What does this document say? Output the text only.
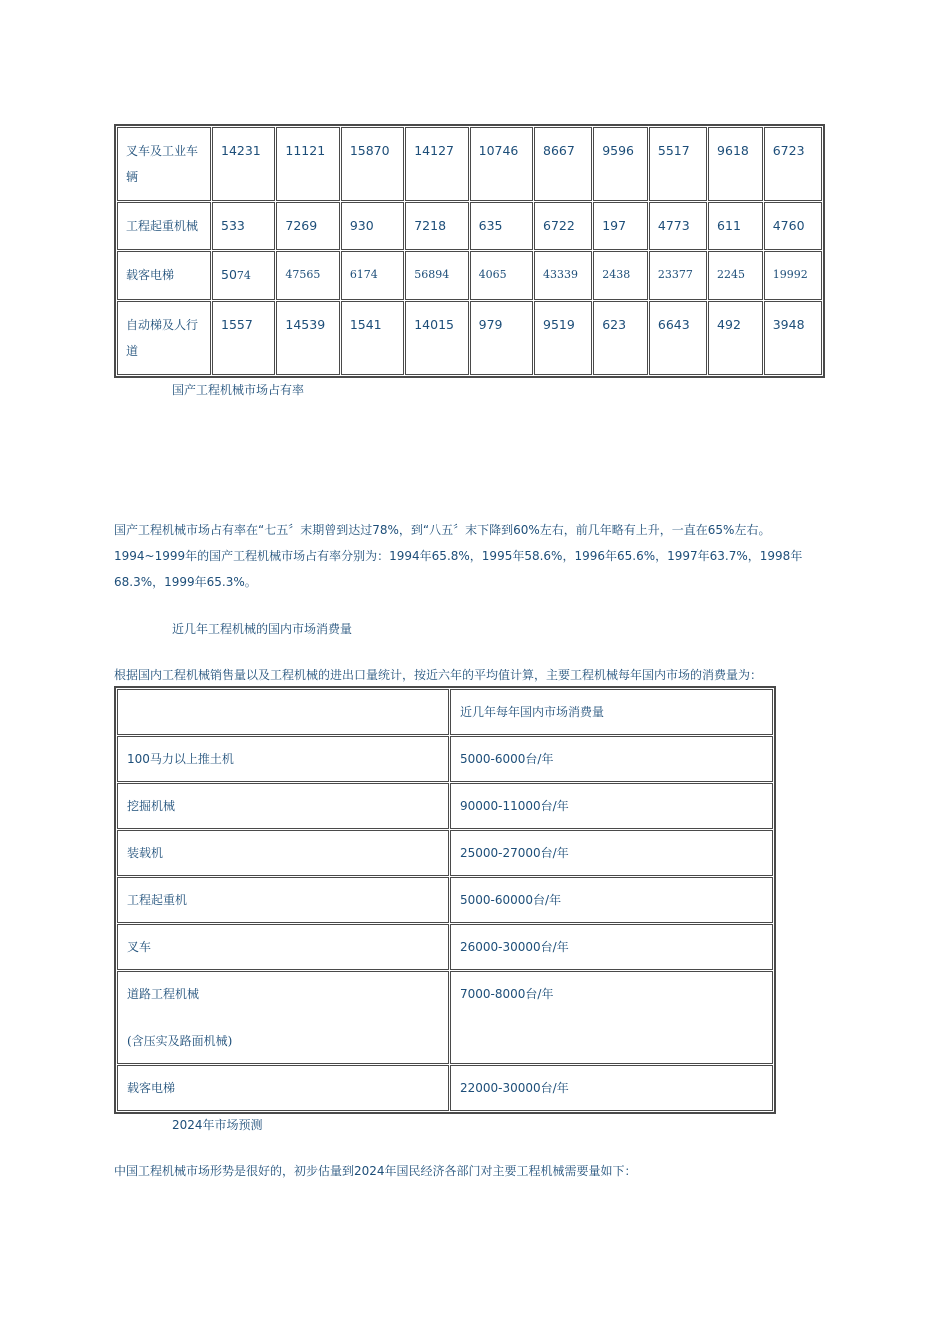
叉车及工业车辆	14231	11121	15870	14127	10746	8667	9596	5517	9618	6723
工程起重机械	533	7269	930	7218	635	6722	197	4773	611	4760
载客电梯	5074	47565	6174	56894	4065	43339	2438	23377	2245	19992
自动梯及人行道	1557	14539	1541	14015	979	9519	623	6643	492	3948
国产工程机械市场占有率
国产工程机械市场占有率在“七五〞末期曾到达过78%，到“八五〞末下降到60%左右，前几年略有上升，一直在65%左右。
1994~1999年的国产工程机械市场占有率分别为：1994年65.8%，1995年58.6%，1996年65.6%，1997年63.7%，1998年
68.3%，1999年65.3%。
近几年工程机械的国内市场消费量
根据国内工程机械销售量以及工程机械的进出口量统计，按近六年的平均值计算，主要工程机械每年国内市场的消费量为：
	近几年每年国内市场消费量
100马力以上推土机	5000-6000台/年
挖掘机械	90000-11000台/年
装载机	25000-27000台/年
工程起重机	5000-60000台/年
叉车	26000-30000台/年

道路工程机械
(含压实及路面机械)	7000-8000台/年
载客电梯	22000-30000台/年
2024年市场预测
中国工程机械市场形势是很好的，初步估量到2024年国民经济各部门对主要工程机械需要量如下：
